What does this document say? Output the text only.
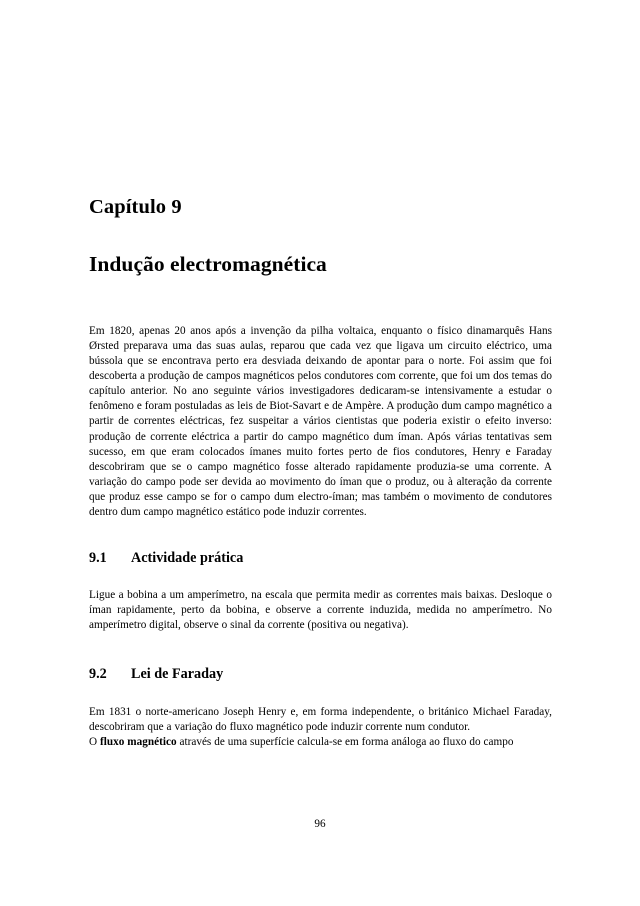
Capítulo 9
Indução electromagnética

Em 1820, apenas 20 anos após a invenção da pilha voltaica, enquanto o físico dinamarquês Hans Ørsted preparava uma das suas aulas, reparou que cada vez que ligava um circuito eléctrico, uma bússola que se encontrava perto era desviada deixando de apontar para o norte. Foi assim que foi descoberta a produção de campos magnéticos pelos condutores com corrente, que foi um dos temas do capítulo anterior. No ano seguinte vários investigadores dedicaram-se intensivamente a estudar o fenômeno e foram postuladas as leis de Biot-Savart e de Ampère. A produção dum campo magnético a partir de correntes eléctricas, fez suspeitar a vários cientistas que poderia existir o efeito inverso: produção de corrente eléctrica a partir do campo magnético dum íman. Após várias tentativas sem sucesso, em que eram colocados ímanes muito fortes perto de fios condutores, Henry e Faraday descobriram que se o campo magnético fosse alterado rapidamente produzia-se uma corrente. A variação do campo pode ser devida ao movimento do íman que o produz, ou à alteração da corrente que produz esse campo se for o campo dum electro-íman; mas também o movimento de condutores dentro dum campo magnético estático pode induzir correntes.

9.1	Actividade prática

Ligue a bobina a um amperímetro, na escala que permita medir as correntes mais baixas. Desloque o íman rapidamente, perto da bobina, e observe a corrente induzida, medida no amperímetro. No amperímetro digital, observe o sinal da corrente (positiva ou negativa).

9.2	Lei de Faraday

Em 1831 o norte-americano Joseph Henry e, em forma independente, o británico Michael Faraday, descobriram que a variação do fluxo magnético pode induzir corrente num condutor.

O fluxo magnético através de uma superfície calcula-se em forma análoga ao fluxo do campo

96
